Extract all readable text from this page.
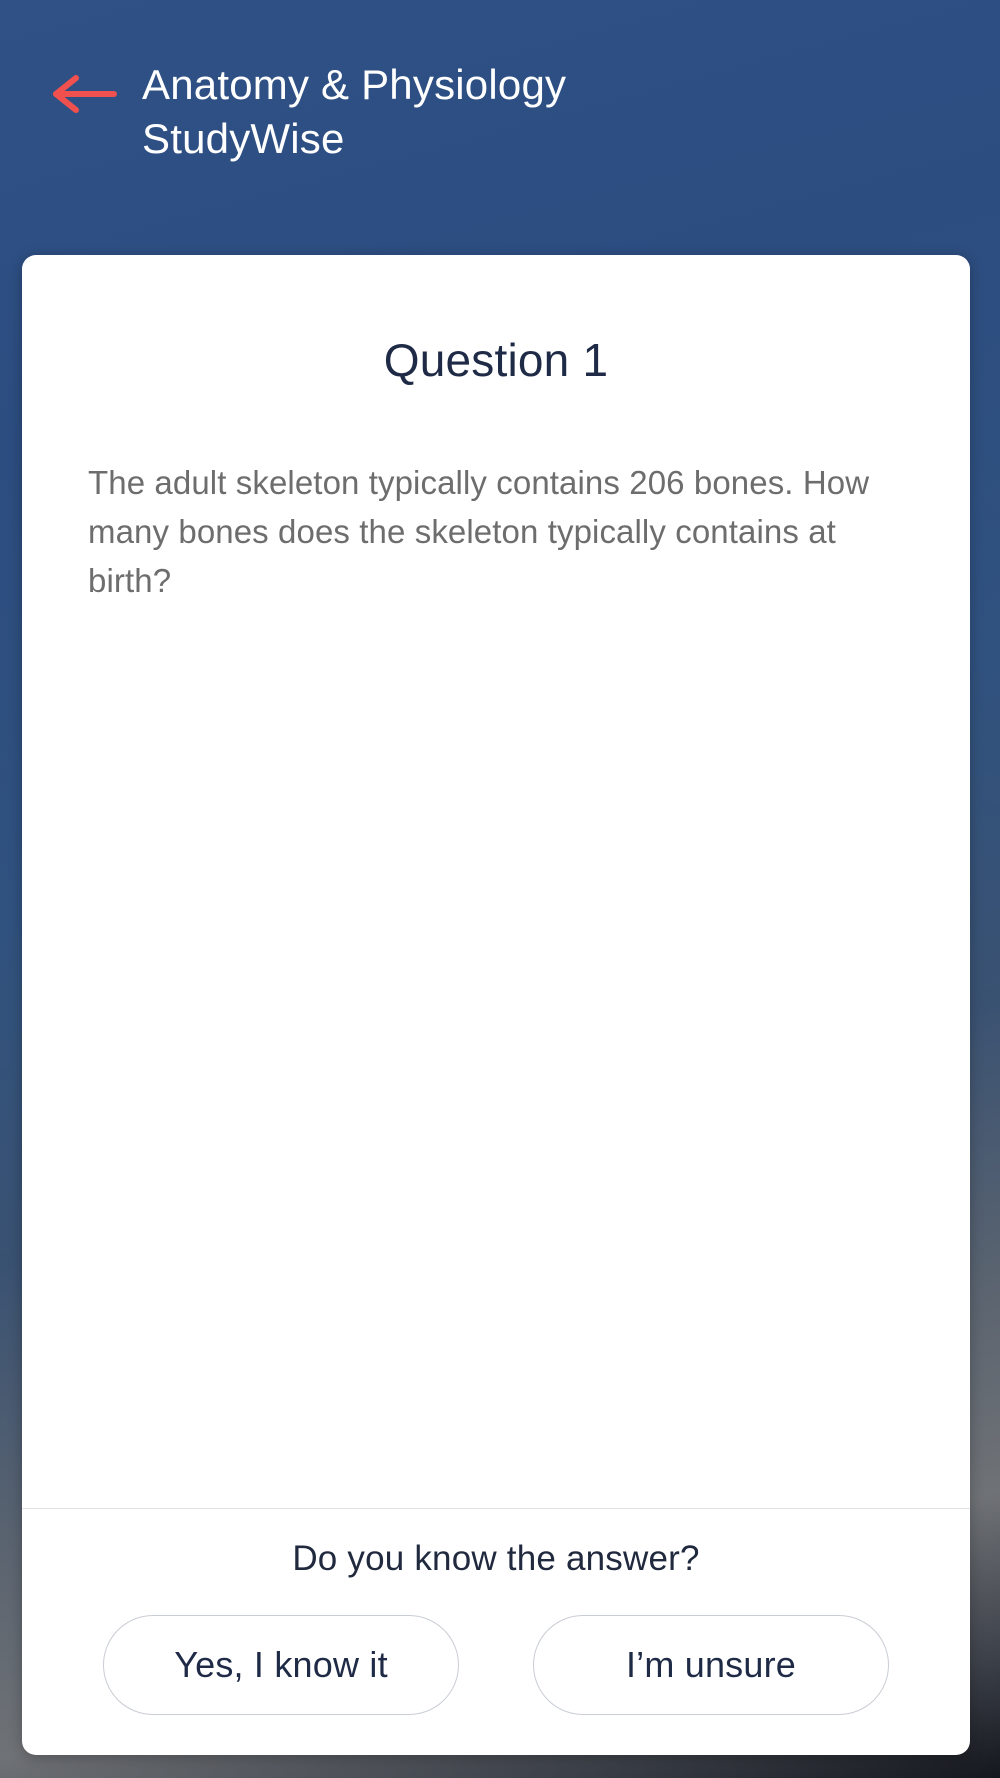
Anatomy & Physiology StudyWise
Question 1
The adult skeleton typically contains 206 bones. How many bones does the skeleton typically contains at birth?
Do you know the answer?
Yes, I know it	I’m unsure
